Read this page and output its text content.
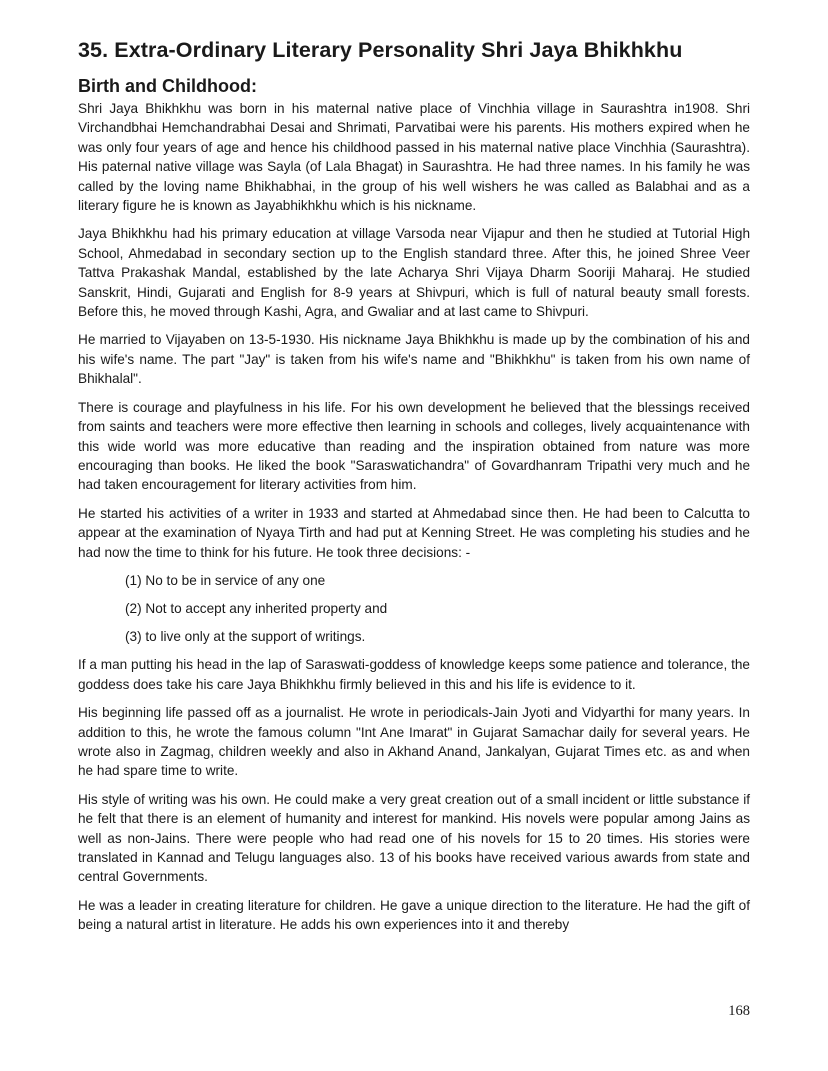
35. Extra-Ordinary Literary Personality Shri Jaya Bhikhkhu
Birth and Childhood:

Shri Jaya Bhikhkhu was born in his maternal native place of Vinchhia village in Saurashtra in1908. Shri Virchandbhai Hemchandrabhai Desai and Shrimati, Parvatibai were his parents. His mothers expired when he was only four years of age and hence his childhood passed in his maternal native place Vinchhia (Saurashtra). His paternal native village was Sayla (of Lala Bhagat) in Saurashtra. He had three names. In his family he was called by the loving name Bhikhabhai, in the group of his well wishers he was called as Balabhai and as a literary figure he is known as Jayabhikhkhu which is his nickname.

Jaya Bhikhkhu had his primary education at village Varsoda near Vijapur and then he studied at Tutorial High School, Ahmedabad in secondary section up to the English standard three. After this, he joined Shree Veer Tattva Prakashak Mandal, established by the late Acharya Shri Vijaya Dharm Sooriji Maharaj. He studied Sanskrit, Hindi, Gujarati and English for 8-9 years at Shivpuri, which is full of natural beauty small forests. Before this, he moved through Kashi, Agra, and Gwaliar and at last came to Shivpuri.

He married to Vijayaben on 13-5-1930. His nickname Jaya Bhikhkhu is made up by the combination of his and his wife's name. The part "Jay" is taken from his wife's name and "Bhikhkhu" is taken from his own name of Bhikhalal".

There is courage and playfulness in his life. For his own development he believed that the blessings received from saints and teachers were more effective then learning in schools and colleges, lively acquaintenance with this wide world was more educative than reading and the inspiration obtained from nature was more encouraging than books. He liked the book "Saraswatichandra" of Govardhanram Tripathi very much and he had taken encouragement for literary activities from him.

He started his activities of a writer in 1933 and started at Ahmedabad since then. He had been to Calcutta to appear at the examination of Nyaya Tirth and had put at Kenning Street. He was completing his studies and he had now the time to think for his future. He took three decisions: -

(1) No to be in service of any one
(2) Not to accept any inherited property and
(3) to live only at the support of writings.

If a man putting his head in the lap of Saraswati-goddess of knowledge keeps some patience and tolerance, the goddess does take his care Jaya Bhikhkhu firmly believed in this and his life is evidence to it.

His beginning life passed off as a journalist. He wrote in periodicals-Jain Jyoti and Vidyarthi for many years. In addition to this, he wrote the famous column "Int Ane Imarat" in Gujarat Samachar daily for several years. He wrote also in Zagmag, children weekly and also in Akhand Anand, Jankalyan, Gujarat Times etc. as and when he had spare time to write.

His style of writing was his own. He could make a very great creation out of a small incident or little substance if he felt that there is an element of humanity and interest for mankind. His novels were popular among Jains as well as non-Jains. There were people who had read one of his novels for 15 to 20 times. His stories were translated in Kannad and Telugu languages also. 13 of his books have received various awards from state and central Governments.

He was a leader in creating literature for children. He gave a unique direction to the literature. He had the gift of being a natural artist in literature. He adds his own experiences into it and thereby

168
